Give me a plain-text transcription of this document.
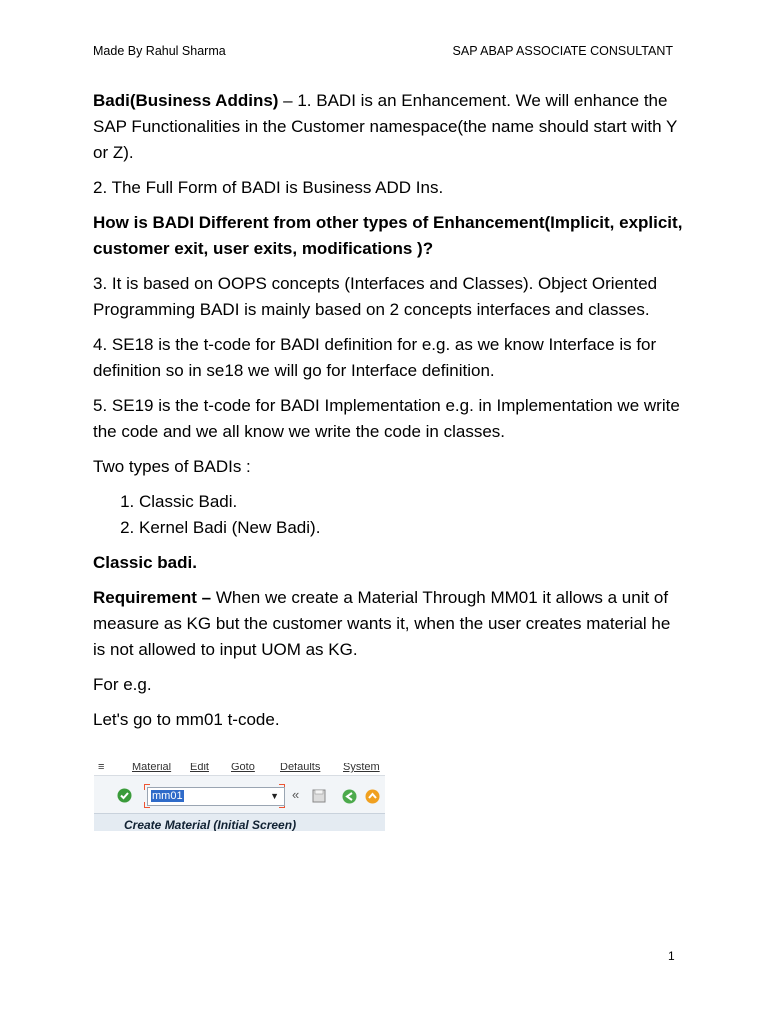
Made By Rahul Sharma	SAP ABAP ASSOCIATE CONSULTANT

Badi(Business Addins) – 1. BADI is an Enhancement. We will enhance the SAP Functionalities in the Customer namespace(the name should start with Y or Z).

2. The Full Form of BADI is Business ADD Ins.

How is BADI Different from other types of Enhancement(Implicit, explicit, customer exit, user exits, modifications )?

3. It is based on OOPS concepts (Interfaces and Classes). Object Oriented Programming BADI is mainly based on 2 concepts interfaces and classes.

4. SE18 is the t-code for BADI definition for e.g. as we know Interface is for definition so in se18 we will go for Interface definition.

5. SE19 is the t-code for BADI Implementation e.g. in Implementation we write the code and we all know we write the code in classes.

Two types of BADIs :

1. Classic Badi.
2. Kernel Badi (New Badi).

Classic badi.

Requirement – When we create a Material Through MM01 it allows a unit of measure as KG but the customer wants it, when the user creates material he is not allowed to input UOM as KG.

For e.g.

Let's go to mm01 t-code.

≡	Material Edit Goto Defaults System
mm01	▼ «
Create Material (Initial Screen)
1
